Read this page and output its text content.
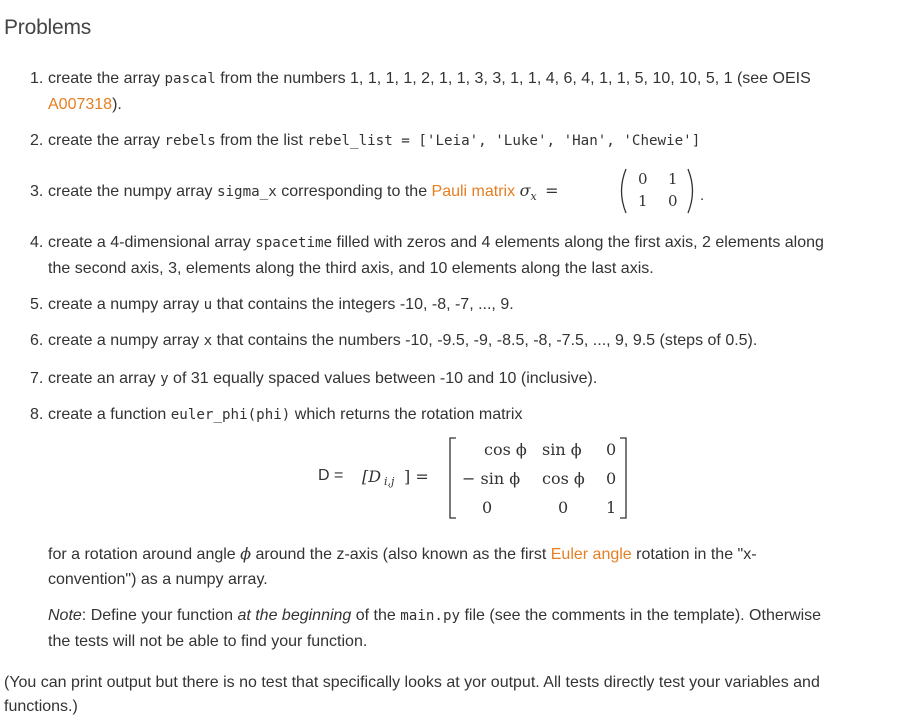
Problems
1. create the array pascal from the numbers 1, 1, 1, 1, 2, 1, 1, 3, 3, 1, 1, 4, 6, 4, 1, 1, 5, 10, 10, 5, 1 (see OEIS
A007318).
2. create the array rebels from the list rebel_list = ['Leia', 'Luke', 'Han', 'Chewie']
3. create the numpy array sigma_x corresponding to the Pauli matrix $\sigma_x$ =
0 1
1 0 .
4. create a 4-dimensional array spacetime filled with zeros and 4 elements along the first axis, 2 elements along
the second axis, 3, elements along the third axis, and 10 elements along the last axis.
5. create a numpy array u that contains the integers -10, -8, -7, ..., 9.
6. create a numpy array x that contains the numbers -10, -9.5, -9, -8.5, -8, -7.5, ..., 9, 9.5 (steps of 0.5).
7. create an array y of 31 equally spaced values between -10 and 10 (inclusive).
8. create a function euler_phi(phi) which returns the rotation matrix
D = [D i,j ] =
cos ϕ sin ϕ 0
− sin ϕ cos ϕ 0
0	0 1
for a rotation around angle ϕ around the z-axis (also known as the first Euler angle rotation in the "x-
convention") as a numpy array.
Note: Define your function at the beginning of the main.py file (see the comments in the template). Otherwise
the tests will not be able to find your function.
(You can print output but there is no test that specifically looks at yor output. All tests directly test your variables and
functions.)
